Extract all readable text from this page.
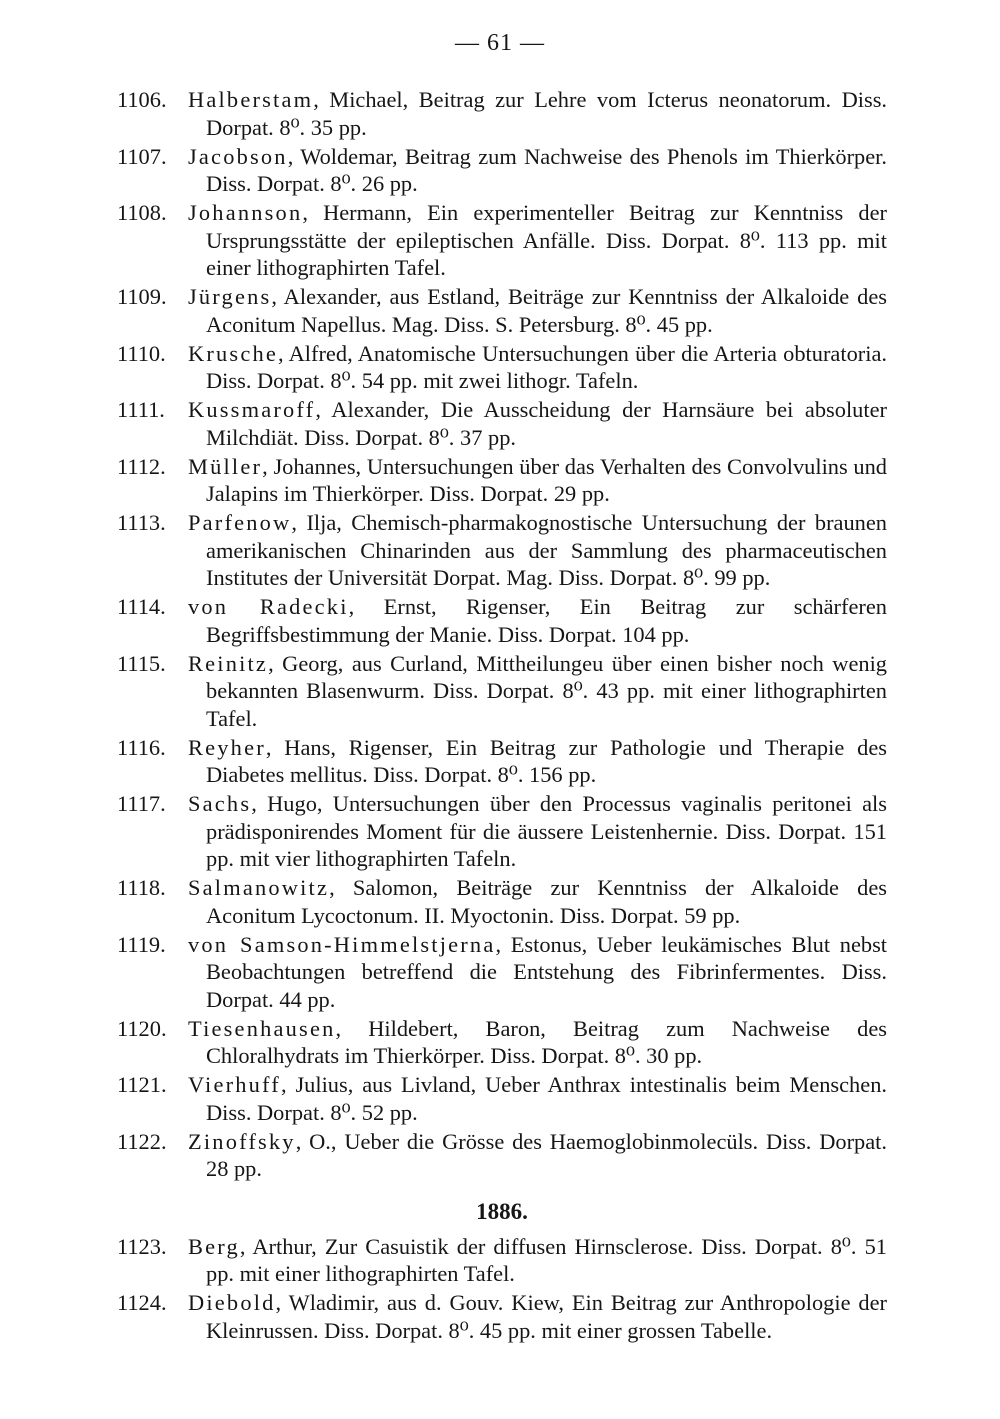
— 61 —
1106. Halberstam, Michael, Beitrag zur Lehre vom Icterus neonatorum. Diss. Dorpat. 8⁰. 35 pp.
1107. Jacobson, Woldemar, Beitrag zum Nachweise des Phenols im Thierkörper. Diss. Dorpat. 8⁰. 26 pp.
1108. Johannson, Hermann, Ein experimenteller Beitrag zur Kenntniss der Ursprungsstätte der epileptischen Anfälle. Diss. Dorpat. 8⁰. 113 pp. mit einer lithographirten Tafel.
1109. Jürgens, Alexander, aus Estland, Beiträge zur Kenntniss der Alkaloide des Aconitum Napellus. Mag. Diss. S. Petersburg. 8⁰. 45 pp.
1110. Krusche, Alfred, Anatomische Untersuchungen über die Arteria obturatoria. Diss. Dorpat. 8⁰. 54 pp. mit zwei lithogr. Tafeln.
1111.	Kussmaroff, Alexander, Die Ausscheidung der Harnsäure bei absoluter Milchdiät. Diss. Dorpat. 8⁰. 37 pp.
1112. Müller, Johannes, Untersuchungen über das Verhalten des Convolvulins und Jalapins im Thierkörper. Diss. Dorpat. 29 pp.
1113. Parfenow, Ilja, Chemisch-pharmakognostische Untersuchung der braunen amerikanischen Chinarinden aus der Sammlung des pharmaceutischen Institutes der Universität Dorpat. Mag. Diss. Dorpat. 8⁰. 99 pp.
1114. von Radecki, Ernst, Rigenser, Ein Beitrag zur schärferen Begriffsbestimmung der Manie. Diss. Dorpat. 104 pp.
1115. Reinitz, Georg, aus Curland, Mittheilungeu über einen bisher noch wenig bekannten Blasenwurm. Diss. Dorpat. 8⁰. 43 pp. mit einer lithographirten Tafel.
1116. Reyher, Hans, Rigenser, Ein Beitrag zur Pathologie und Therapie des Diabetes mellitus. Diss. Dorpat. 8⁰. 156 pp.
1117. Sachs, Hugo, Untersuchungen über den Processus vaginalis peritonei als prädisponirendes Moment für die äussere Leistenhernie. Diss. Dorpat. 151 pp. mit vier lithographirten Tafeln.
1118. Salmanowitz, Salomon, Beiträge zur Kenntniss der Alkaloide des Aconitum Lycoctonum. II. Myoctonin. Diss. Dorpat. 59 pp.
1119. von Samson-Himmelstjerna, Estonus, Ueber leukämisches Blut nebst Beobachtungen betreffend die Entstehung des Fibrinfermentes. Diss. Dorpat. 44 pp.
1120. Tiesenhausen, Hildebert, Baron, Beitrag zum Nachweise des Chloralhydrats im Thierkörper. Diss. Dorpat. 8⁰. 30 pp.
1121. Vierhuff, Julius, aus Livland, Ueber Anthrax intestinalis beim Menschen. Diss. Dorpat. 8⁰. 52 pp.
1122. Zinoffsky, O., Ueber die Grösse des Haemoglobinmolecüls. Diss. Dorpat. 28 pp.
1886.
1123. Berg, Arthur, Zur Casuistik der diffusen Hirnsclerose. Diss. Dorpat. 8⁰. 51 pp. mit einer lithographirten Tafel.
1124. Diebold, Wladimir, aus d. Gouv. Kiew, Ein Beitrag zur Anthropologie der Kleinrussen. Diss. Dorpat. 8⁰. 45 pp. mit einer grossen Tabelle.
